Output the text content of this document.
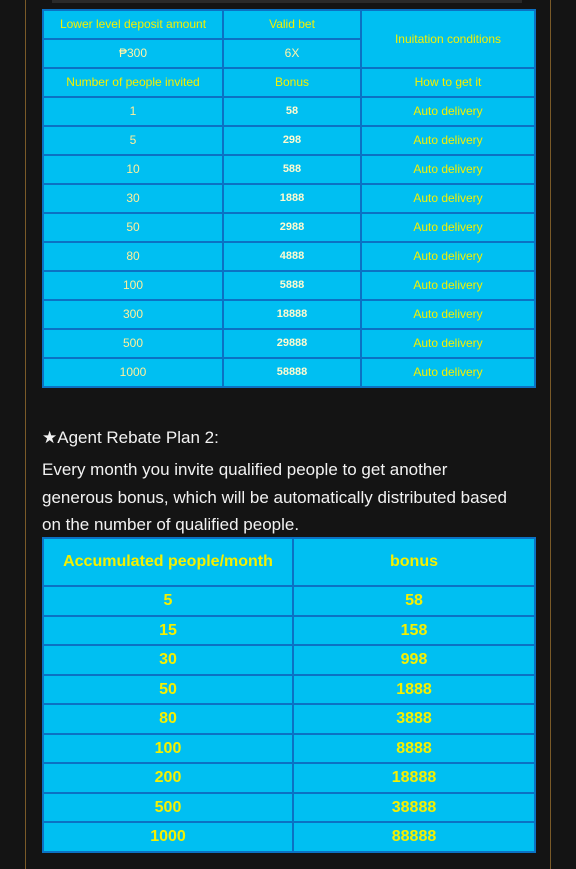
Lower level deposit amount	Valid bet	Inuitation conditions
₱300	6X	
Number of people invited	Bonus	How to get it
1	58	Auto delivery
5	298	Auto delivery
10	588	Auto delivery
30	1888	Auto delivery
50	2988	Auto delivery
80	4888	Auto delivery
100	5888	Auto delivery
300	18888	Auto delivery
500	29888	Auto delivery
1000	58888	Auto delivery
★Agent Rebate Plan 2:
Every month you invite qualified people to get another generous bonus, which will be automatically distributed based on the number of qualified people.
Accumulated people/month	bonus
5	58
15	158
30	998
50	1888
80	3888
100	8888
200	18888
500	38888
1000	88888
